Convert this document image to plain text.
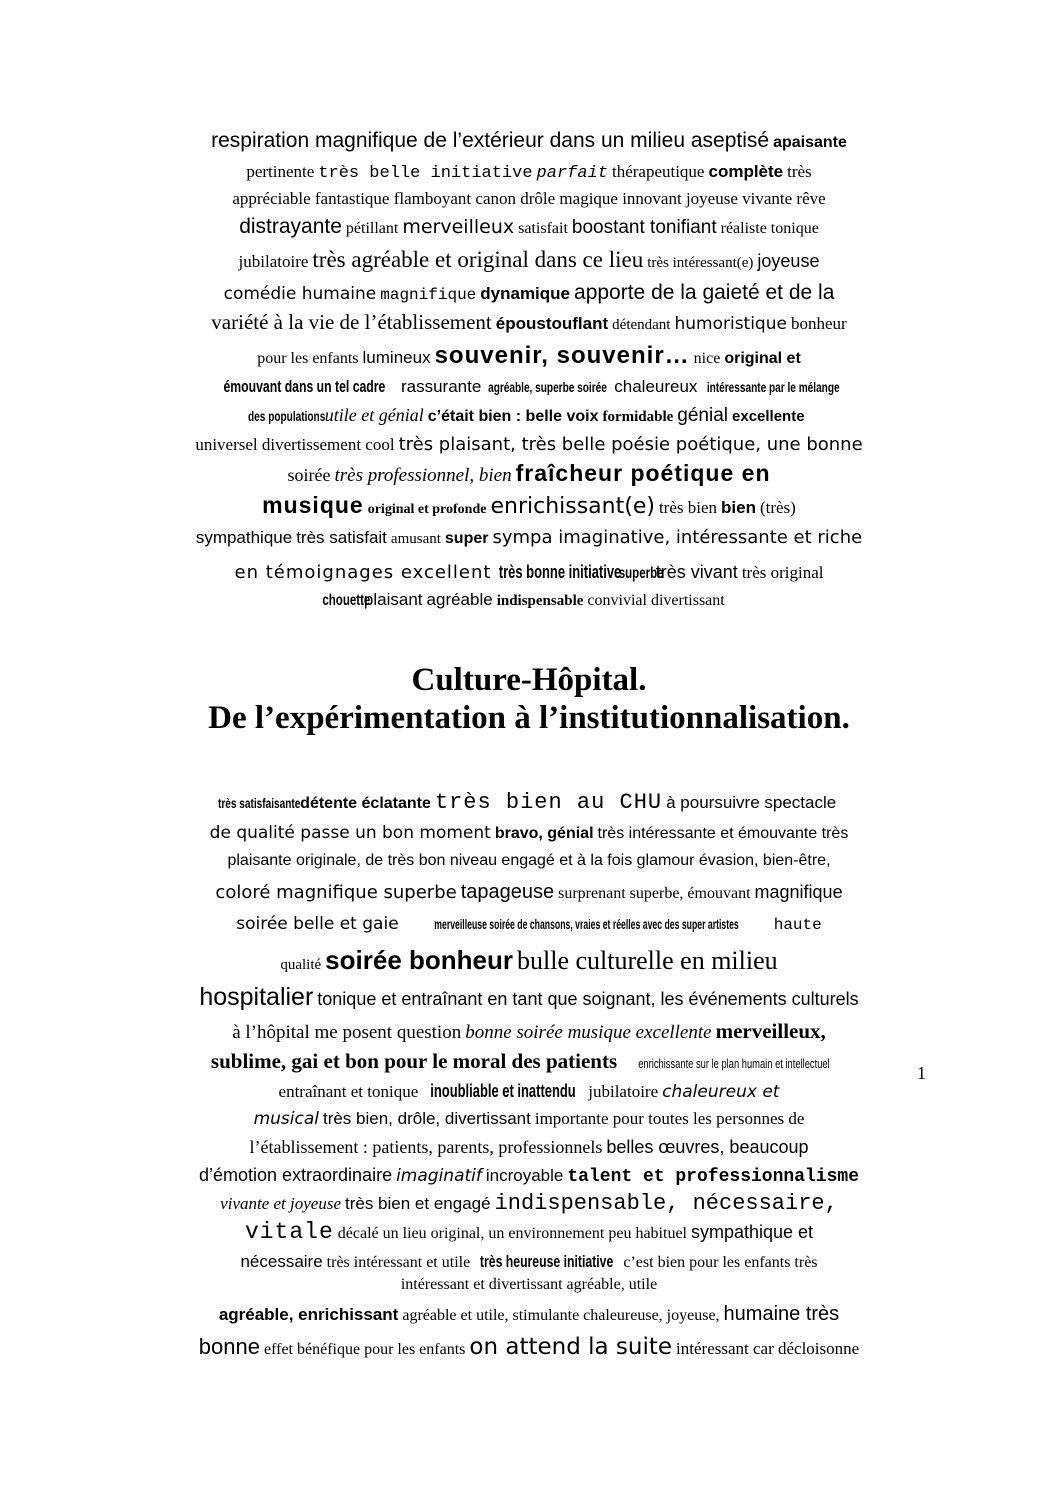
respiration magnifique de l’extérieur dans un milieu aseptisé apaisante
pertinente très belle initiative parfait thérapeutique complète très
appréciable fantastique flamboyant canon drôle magique innovant joyeuse vivante rêve
distrayante pétillant merveilleux satisfait boostant tonifiant réaliste tonique
jubilatoire très agréable et original dans ce lieu très intéressant(e) joyeuse
comédie humaine magnifique dynamique apporte de la gaieté et de la
variété à la vie de l’établissement époustouflant détendant humoristique bonheur
pour les enfants lumineux souvenir, souvenir… nice original et
émouvant dans un tel cadre rassurante agréable, superbe soirée chaleureux intéressante par le mélange
des populationsutile et génial c’était bien : belle voix formidable génial excellente
universel divertissement cool très plaisant, très belle poésie poétique, une bonne
soirée très professionnel, bien fraîcheur poétique en
musique original et profonde enrichissant(e) très bien bien (très)
sympathique très satisfait amusant super sympa imaginative, intéressante et riche
en témoignages excellent très bonne initiativesuperbetrès vivant très original
chouetteplaisant agréable indispensable convivial divertissant
Culture-Hôpital.
De l’expérimentation à l’institutionnalisation.
très satisfaisantedétente éclatante très bien au CHU à poursuivre spectacle
de qualité passe un bon moment bravo, génial très intéressante et émouvante très
plaisante originale, de très bon niveau engagé et à la fois glamour évasion, bien-être,
coloré magnifique superbe tapageuse surprenant superbe, émouvant magnifique
soirée belle et gaie	merveilleuse soirée de chansons, vraies et réelles avec des super artistes haute
qualité soirée bonheur bulle culturelle en milieu
hospitalier tonique et entraînant en tant que soignant, les événements culturels
à l’hôpital me posent question bonne soirée musique excellente merveilleux,
sublime, gai et bon pour le moral des patients enrichissante sur le plan humain et intellectuel
entraînant et tonique inoubliable et inattendu jubilatoire chaleureux et
musical très bien, drôle, divertissant importante pour toutes les personnes de
l’établissement : patients, parents, professionnels belles œuvres, beaucoup
d’émotion extraordinaire imaginatif incroyable talent et professionnalisme
vivante et joyeuse très bien et engagé indispensable, nécessaire,
vitale décalé un lieu original, un environnement peu habituel sympathique et
nécessaire très intéressant et utile très heureuse initiative c’est bien pour les enfants très
intéressant et divertissant agréable, utile
agréable, enrichissant agréable et utile, stimulante chaleureuse, joyeuse, humaine très
bonne effet bénéfique pour les enfants on attend la suite intéressant car décloisonne
1
